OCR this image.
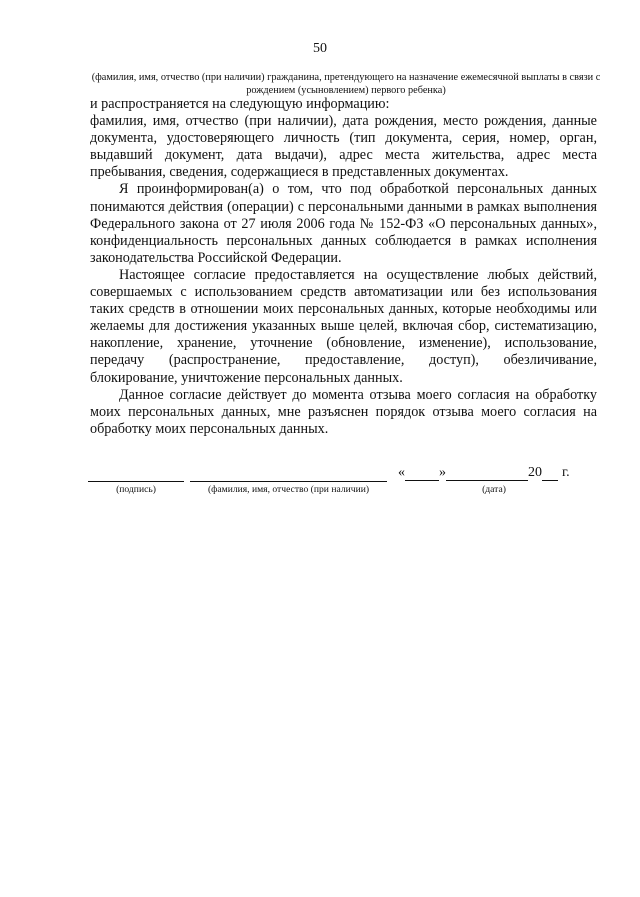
50
(фамилия, имя, отчество (при наличии) гражданина, претендующего на назначение ежемесячной выплаты в связи с рождением (усыновлением) первого ребенка)

и распространяется на следующую информацию:

фамилия, имя, отчество (при наличии), дата рождения, место рождения, данные документа, удостоверяющего личность (тип документа, серия, номер, орган, выдавший документ, дата выдачи), адрес места жительства, адрес места пребывания, сведения, содержащиеся в представленных документах.

Я проинформирован(а) о том, что под обработкой персональных данных понимаются действия (операции) с персональными данными в рамках выполнения Федерального закона от 27 июля 2006 года № 152-ФЗ «О персональных данных», конфиденциальность персональных данных соблюдается в рамках исполнения законодательства Российской Федерации.

Настоящее согласие предоставляется на осуществление любых действий, совершаемых с использованием средств автоматизации или без использования таких средств в отношении моих персональных данных, которые необходимы или желаемы для достижения указанных выше целей, включая сбор, систематизацию, накопление, хранение, уточнение (обновление, изменение), использование, передачу (распространение, предоставление, доступ), обезличивание, блокирование, уничтожение персональных данных.

Данное согласие действует до момента отзыва моего согласия на обработку моих персональных данных, мне разъяснен порядок отзыва моего согласия на обработку моих персональных данных.

(подпись)	(фамилия, имя, отчество (при наличии)
« »	20 г.
(дата)
